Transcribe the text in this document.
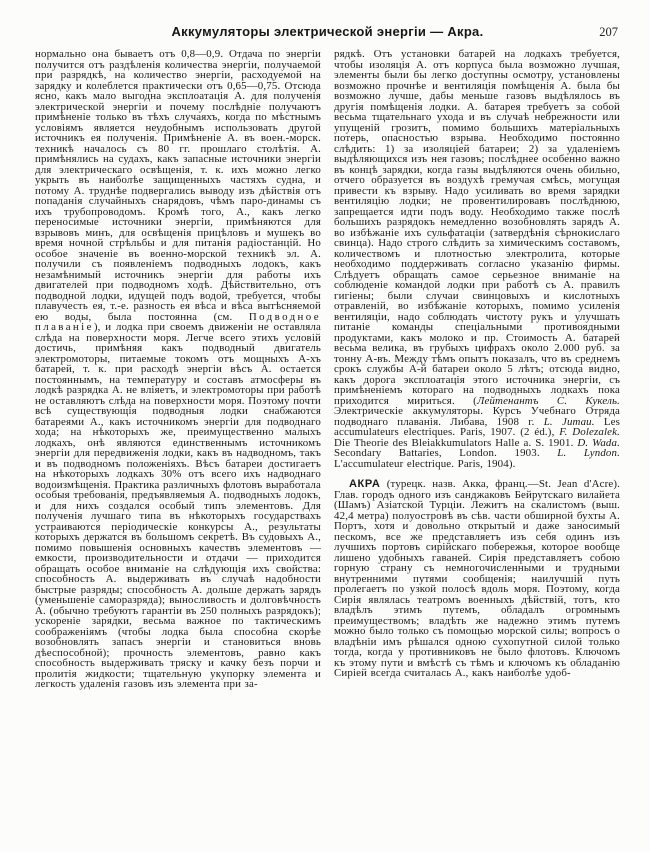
Аккумуляторы электрической энергіи — Акра.	207

нормально она бываетъ отъ 0,8—0,9. Отдача по энергіи получится отъ раздѣленія количества энергіи, получаемой при разрядкѣ, на количество энергіи, расходуемой на зарядку и колеблется практически отъ 0,65—0,75. Отсюда ясно, какъ мало выгодна эксплоатація А. для полученія электрической энергіи и почему послѣдніе получаютъ примѣненіе только въ тѣхъ случаяхъ, когда по мѣстнымъ условіямъ является неудобнымъ использовать другой источникъ ея полученія. Примѣненіе А. въ воен.-морск. техникѣ началось съ 80 гг. прошлаго столѣтія. А. примѣнялись на судахъ, какъ запасные источники энергіи для электрическаго освѣщенія, т. к. ихъ можно легко укрыть въ наиболѣе защищенныхъ частяхъ судна, и потому А. труднѣе подвергались выводу изъ дѣйствія отъ попаданія случайныхъ снарядовъ, чѣмъ паро-динамы съ ихъ трубопроводомъ. Кромѣ того, А., какъ легко переносимые источники энергіи, примѣняются для взрывовъ минъ, для освѣщенія прицѣловъ и мушекъ во время ночной стрѣльбы и для питанія радіостанцій. Но особое значеніе въ военно-морской техникѣ эл. А. получили съ появленіемъ подводныхъ лодокъ, какъ незамѣнимый источникъ энергіи для работы ихъ двигателей при подводномъ ходѣ. Дѣйствительно, отъ подводной лодки, идущей подъ водой, требуется, чтобы плавучесть ея, т.-е. разность ея вѣса и вѣса вытѣсняемой ею воды, была постоянна (см. Подводное плаваніе), и лодка при своемъ движеніи не оставляла слѣда на поверхности моря. Легче всего этихъ условій достичь, примѣняя какъ подводный двигатель электромоторы, питаемые токомъ отъ мощныхъ А-хъ батарей, т. к. при расходѣ энергіи вѣсъ А. остается постояннымъ, на температуру и составъ атмосферы въ лодкѣ разрядка А. не вліяетъ, и электромоторы при работѣ не оставляютъ слѣда на поверхности моря. Поэтому почти всѣ существующія подводныя лодки снабжаются батареями А., какъ источникомъ энергіи для подводнаго хода; на нѣкоторыхъ же, преимущественно малыхъ лодкахъ, онѣ являются единственнымъ источникомъ энергіи для передвиженія лодки, какъ въ надводномъ, такъ и въ подводномъ положеніяхъ. Вѣсъ батареи достигаетъ на нѣкоторыхъ лодкахъ 30% отъ всего ихъ надводнаго водоизмѣщенія. Практика различныхъ флотовъ выработала особыя требованія, предъявляемыя А. подводныхъ лодокъ, и для нихъ создался особый типъ элементовъ. Для полученія лучшаго типа въ нѣкоторыхъ государствахъ устраиваются періодическіе конкурсы А., результаты которыхъ держатся въ большомъ секретѣ. Въ судовыхъ А., помимо повышенія основныхъ качествъ элементовъ — емкости, производительности и отдачи — приходится обращать особое вниманіе на слѣдующія ихъ свойства: способность А. выдерживать въ случаѣ надобности быстрые разряды; способность А. дольше держать зарядъ (уменьшеніе саморазряда); выносливость и долговѣчность А. (обычно требуютъ гарантіи въ 250 полныхъ разрядокъ); ускореніе зарядки, весьма важное по тактическимъ соображеніямъ (чтобы лодка была способна скорѣе возобновлять запасъ энергіи и становиться вновь дѣеспособной); прочность элементовъ, равно какъ способность выдерживать тряску и качку безъ порчи и пролитія жидкости; тщательную укупорку элемента и легкость удаленія газовъ изъ элемента при за-

рядкѣ. Отъ установки батарей на лодкахъ требуется, чтобы изоляція А. отъ корпуса была возможно лучшая, элементы были бы легко доступны осмотру, установлены возможно прочнѣе и вентиляція помѣщенія А. была бы возможно лучше, дабы меньше газовъ выдѣлялось въ другія помѣщенія лодки. А. батарея требуетъ за собой весьма тщательнаго ухода и въ случаѣ небрежности или упущеній грозитъ, помимо большихъ матеріальныхъ потерь, опасностью взрыва. Необходимо постоянно слѣдить: 1) за изоляціей батареи; 2) за удаленіемъ выдѣляющихся изъ нея газовъ; послѣднее особенно важно въ концѣ зарядки, когда газы выдѣляются очень обильно, отчего образуется въ воздухѣ гремучая смѣсь, могущая привести къ взрыву. Надо усиливать во время зарядки вентиляцію лодки; не провентилировавъ послѣднюю, запрещается идти подъ воду. Необходимо также послѣ большихъ разрядокъ немедленно возобновлять зарядъ А. во избѣжаніе ихъ сульфатаціи (затвердѣнія сѣрнокислаго свинца). Надо строго слѣдить за химическимъ составомъ, количествомъ и плотностью электролита, которые необходимо поддерживать согласно указанію фирмы. Слѣдуетъ обращать самое серьезное вниманіе на соблюденіе командой лодки при работѣ съ А. правилъ гигіены; были случаи свинцовыхъ и кислотныхъ отравленій, во избѣжаніе которыхъ, помимо усиленія вентиляціи, надо соблюдать чистоту рукъ и улучшать питаніе команды спеціальными противоядными продуктами, какъ молоко и пр. Стоимость А. батарей весьма велика, въ грубыхъ цифрахъ около 2.000 руб. за тонну А-въ. Между тѣмъ опытъ показалъ, что въ среднемъ срокъ службы А-й батареи около 5 лѣтъ; отсюда видно, какъ дорога эксплоатація этого источника энергіи, съ примѣненіемъ котораго на подводныхъ лодкахъ пока приходится мириться. (Лейтенантъ С. Кукель. Электрическіе аккумуляторы. Курсъ Учебнаго Отряда подводнаго плаванія. Либава, 1908 г. L. Jumau. Les accumulateurs electriques. Paris, 1907. (2 éd.), F. Dolezalek. Die Theorie des Bleiakkumulators Halle a. S. 1901. D. Wada. Secondary Battaries, London. 1903. L. Lyndon. L'accumulateur electrique. Paris, 1904).

АКРА (турецк. назв. Акка, франц.—St. Jean d'Acre). Глав. городъ одного изъ санджаковъ Бейрутскаго вилайета (Шамъ) Азіатской Турціи. Лежитъ на скалистомъ (выш. 42,4 метра) полуостровѣ въ сѣв. части обширной бухты А. Портъ, хотя и довольно открытый и даже заносимый пескомъ, все же представляетъ изъ себя одинъ изъ лучшихъ портовъ сирійскаго побережья, которое вообще лишено удобныхъ гаваней. Сирія представляетъ собою горную страну съ немногочисленными и трудными внутренними путями сообщенія; наилучшій путь пролегаетъ по узкой полосѣ вдоль моря. Поэтому, когда Сирія являлась театромъ военныхъ дѣйствій, тотъ, кто владѣлъ этимъ путемъ, обладалъ огромнымъ преимуществомъ; владѣть же надежно этимъ путемъ можно было только съ помощью морской силы; вопросъ о владѣніи имъ рѣшался одною сухопутной силой только тогда, когда у противниковъ не было флотовъ. Ключомъ къ этому пути и вмѣстѣ съ тѣмъ и ключомъ къ обладанію Сиріей всегда считалась А., какъ наиболѣе удоб-
